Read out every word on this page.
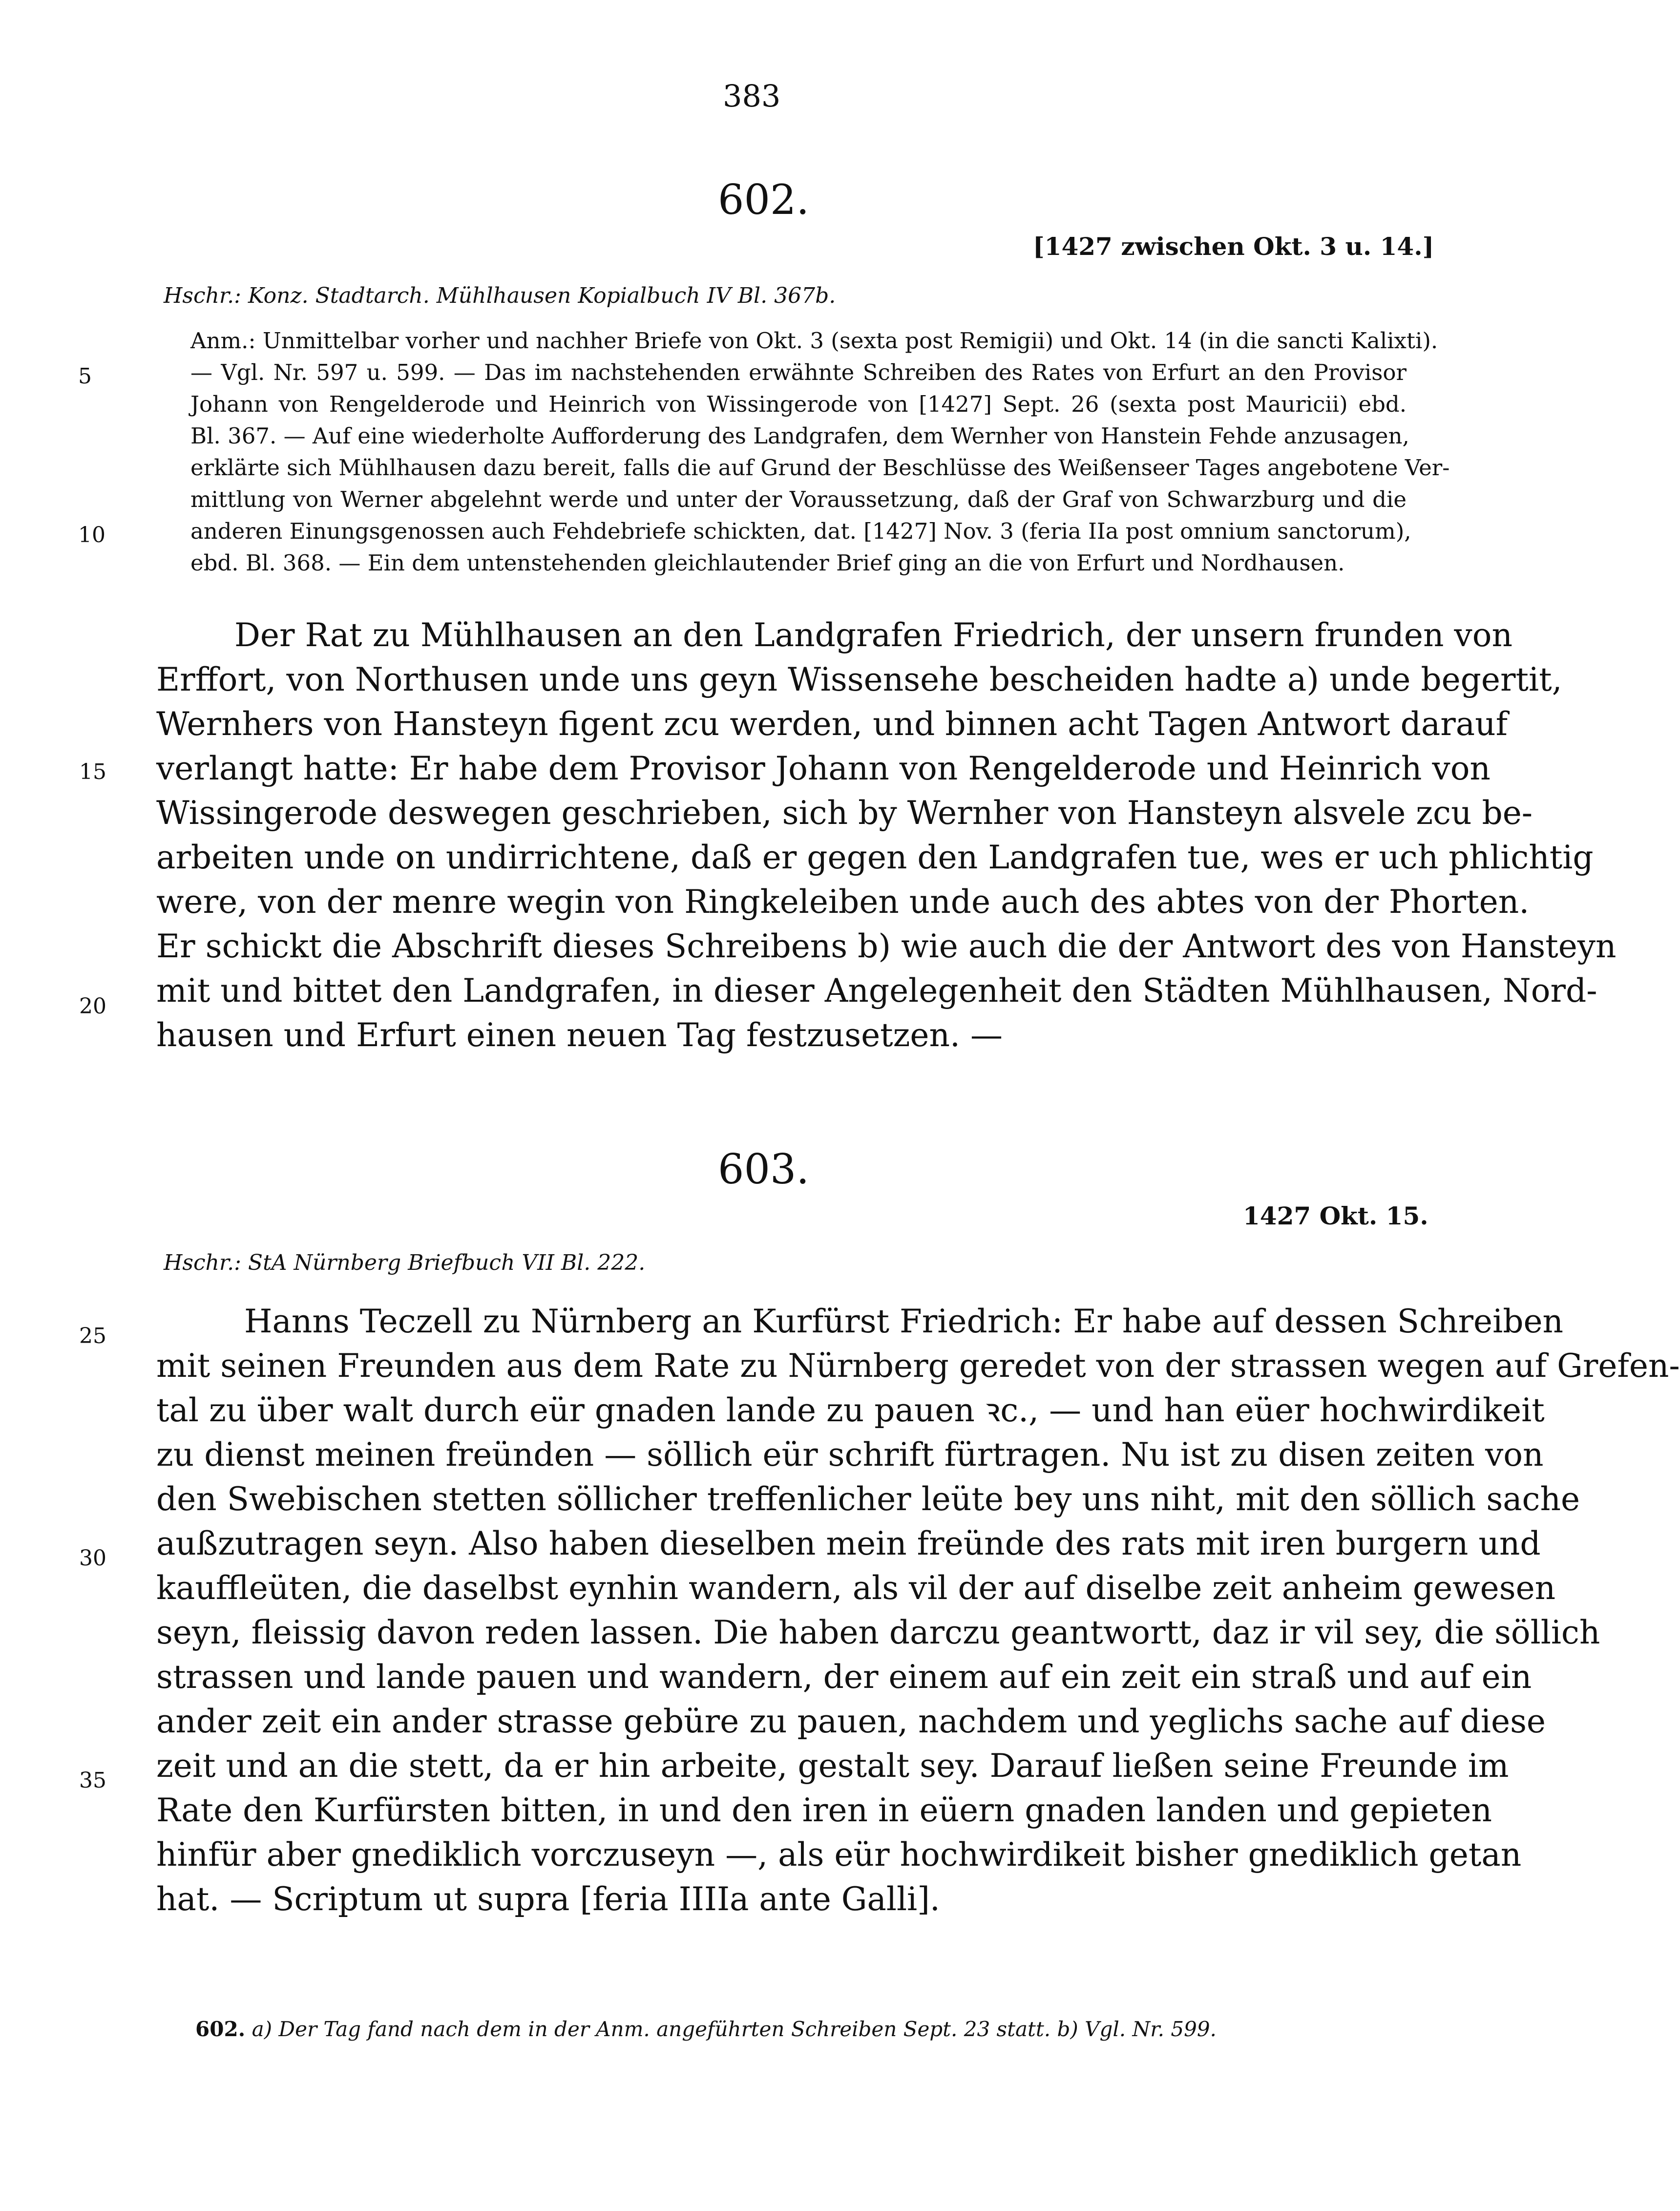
383
602.
[1427 zwischen Okt. 3 u. 14.]
Hschr.: Konz. Stadtarch. Mühlhausen Kopialbuch IV Bl. 367b.
5
10
Anm.: Unmittelbar vorher und nachher Briefe von Okt. 3 (sexta post Remigii) und Okt. 14 (in die sancti Kalixti).
— Vgl. Nr. 597 u. 599. — Das im nachstehenden erwähnte Schreiben des Rates von Erfurt an den Provisor
Johann von Rengelderode und Heinrich von Wissingerode von [1427] Sept. 26 (sexta post Mauricii) ebd.
Bl. 367. — Auf eine wiederholte Aufforderung des Landgrafen, dem Wernher von Hanstein Fehde anzusagen,
erklärte sich Mühlhausen dazu bereit, falls die auf Grund der Beschlüsse des Weißenseer Tages angebotene Ver-
mittlung von Werner abgelehnt werde und unter der Voraussetzung, daß der Graf von Schwarzburg und die
anderen Einungsgenossen auch Fehdebriefe schickten, dat. [1427] Nov. 3 (feria IIa post omnium sanctorum),
ebd. Bl. 368. — Ein dem untenstehenden gleichlautender Brief ging an die von Erfurt und Nordhausen.
15
20
Der Rat zu Mühlhausen an den Landgrafen Friedrich, der unsern frunden von
Erffort, von Northusen unde uns geyn Wissensehe bescheiden hadte a) unde begertit,
Wernhers von Hansteyn figent zcu werden, und binnen acht Tagen Antwort darauf
verlangt hatte: Er habe dem Provisor Johann von Rengelderode und Heinrich von
Wissingerode deswegen geschrieben, sich by Wernher von Hansteyn alsvele zcu be-
arbeiten unde on undirrichtene, daß er gegen den Landgrafen tue, wes er uch phlichtig
were, von der menre wegin von Ringkeleiben unde auch des abtes von der Phorten.
Er schickt die Abschrift dieses Schreibens b) wie auch die der Antwort des von Hansteyn
mit und bittet den Landgrafen, in dieser Angelegenheit den Städten Mühlhausen, Nord-
hausen und Erfurt einen neuen Tag festzusetzen. —
603.
1427 Okt. 15.
Hschr.: StA Nürnberg Briefbuch VII Bl. 222.
25
30
35
Hanns Teczell zu Nürnberg an Kurfürst Friedrich: Er habe auf dessen Schreiben
mit seinen Freunden aus dem Rate zu Nürnberg geredet von der strassen wegen auf Grefen-
tal zu über walt durch eür gnaden lande zu pauen ꝛc., — und han eüer hochwirdikeit
zu dienst meinen freünden — söllich eür schrift fürtragen. Nu ist zu disen zeiten von
den Swebischen stetten söllicher treffenlicher leüte bey uns niht, mit den söllich sache
außzutragen seyn. Also haben dieselben mein freünde des rats mit iren burgern und
kauffleüten, die daselbst eynhin wandern, als vil der auf diselbe zeit anheim gewesen
seyn, fleissig davon reden lassen. Die haben darczu geantwortt, daz ir vil sey, die söllich
strassen und lande pauen und wandern, der einem auf ein zeit ein straß und auf ein
ander zeit ein ander strasse gebüre zu pauen, nachdem und yeglichs sache auf diese
zeit und an die stett, da er hin arbeite, gestalt sey. Darauf ließen seine Freunde im
Rate den Kurfürsten bitten, in und den iren in eüern gnaden landen und gepieten
hinfür aber gnediklich vorczuseyn —, als eür hochwirdikeit bisher gnediklich getan
hat. — Scriptum ut supra [feria IIIIa ante Galli].
602. a) Der Tag fand nach dem in der Anm. angeführten Schreiben Sept. 23 statt. b) Vgl. Nr. 599.
